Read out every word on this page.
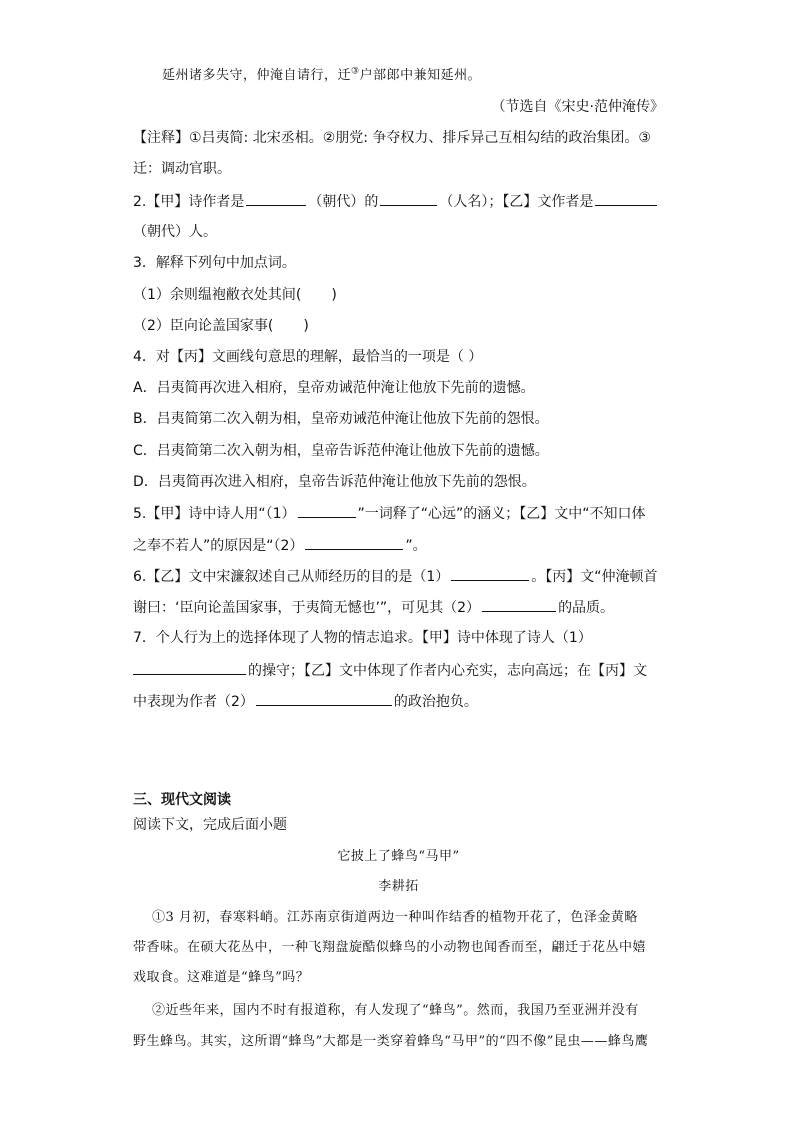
延州诸多失守，仲淹自请行，迁③户部郎中兼知延州。
（节选自《宋史·范仲淹传》
【注释】①吕夷简: 北宋丞相。②朋党: 争夺权力、排斥异己互相勾结的政治集团。③
迁：调动官职。
2.【甲】诗作者是	（朝代）的	（人名）；【乙】文作者是
（朝代）人。
3．解释下列句中加点词。
（1）余则缊袍敝衣处其间( )
（2）臣向论盖国家事( )
4．对【丙】文画线句意思的理解，最恰当的一项是（ ）
A．吕夷简再次进入相府，皇帝劝诫范仲淹让他放下先前的遗憾。
B．吕夷简第二次入朝为相，皇帝劝诫范仲淹让他放下先前的怨恨。
C．吕夷简第二次入朝为相，皇帝告诉范仲淹让他放下先前的遗憾。
D．吕夷简再次进入相府，皇帝告诉范仲淹让他放下先前的怨恨。
5.【甲】诗中诗人用“（1）	”一词释了“心远”的涵义；【乙】文中“不知口体
之奉不若人”的原因是“（2）	”。
6.【乙】文中宋濂叙述自己从师经历的目的是（1）	。【丙】文“仲淹顿首
谢曰：‘臣向论盖国家事，于夷简无憾也’”，可见其（2）	的品质。
7．个人行为上的选择体现了人物的情志追求。【甲】诗中体现了诗人（1）
的操守；【乙】文中体现了作者内心充实，志向高远；在【丙】文
中表现为作者（2）	的政治抱负。
三、现代文阅读
阅读下文，完成后面小题
它披上了蜂鸟“马甲”
李耕拓
①3 月初，春寒料峭。江苏南京街道两边一种叫作结香的植物开花了，色泽金黄略
带香味。在硕大花丛中，一种飞翔盘旋酷似蜂鸟的小动物也闻香而至，翩迁于花丛中嬉
戏取食。这难道是“蜂鸟”吗？
②近些年来，国内不时有报道称，有人发现了“蜂鸟”。然而，我国乃至亚洲并没有
野生蜂鸟。其实，这所谓“蜂鸟”大都是一类穿着蜂鸟“马甲”的“四不像”昆虫——蜂鸟鹰
